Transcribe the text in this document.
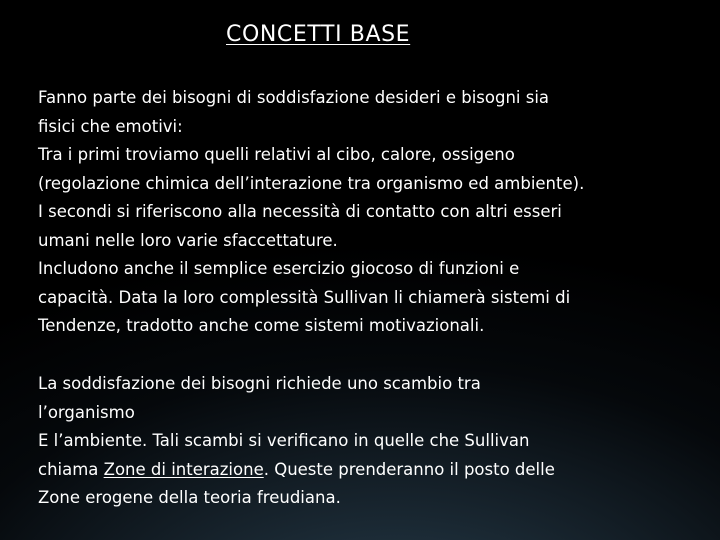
CONCETTI BASE

Fanno parte dei bisogni di soddisfazione desideri e bisogni sia
fisici che emotivi:
Tra i primi troviamo quelli relativi al cibo, calore, ossigeno
(regolazione chimica dell’interazione tra organismo ed ambiente).
I secondi si riferiscono alla necessità di contatto con altri esseri
umani nelle loro varie sfaccettature.
Includono anche il semplice esercizio giocoso di funzioni e
capacità. Data la loro complessità Sullivan li chiamerà sistemi di
Tendenze, tradotto anche come sistemi motivazionali.

La soddisfazione dei bisogni richiede uno scambio tra
l’organismo
E l’ambiente. Tali scambi si verificano in quelle che Sullivan
chiama Zone di interazione. Queste prenderanno il posto delle
Zone erogene della teoria freudiana.
